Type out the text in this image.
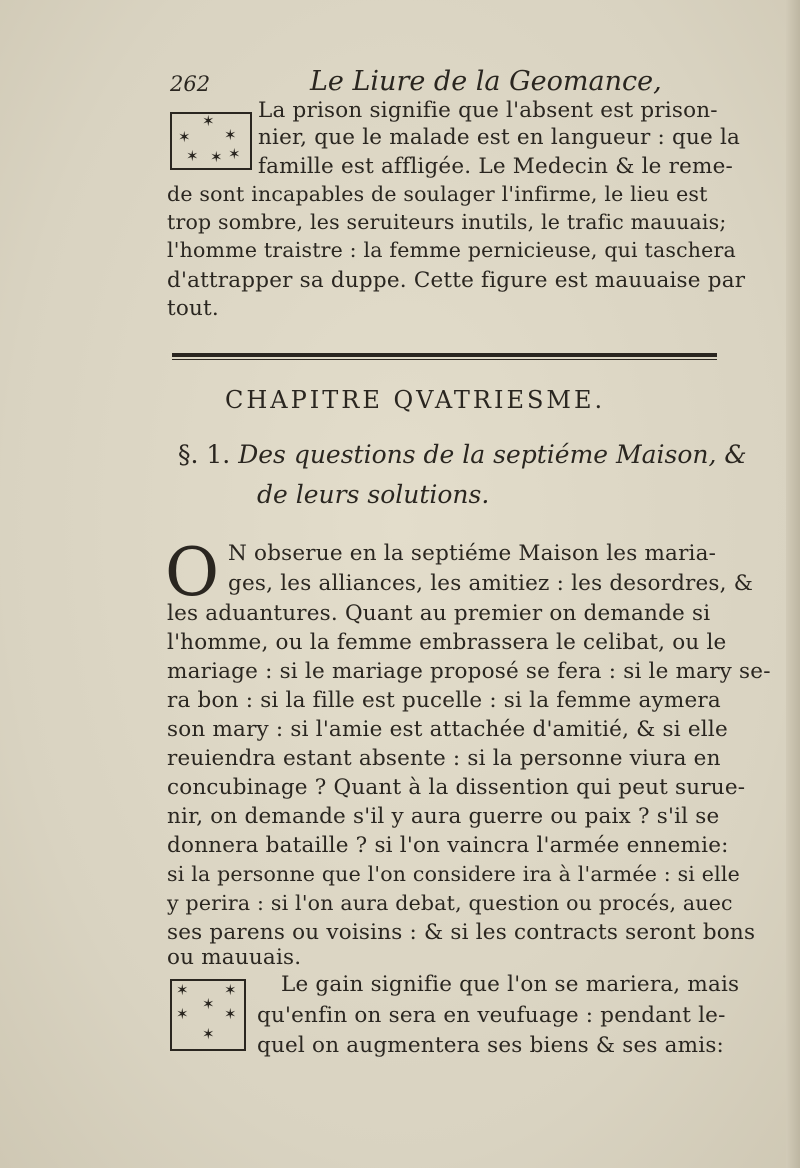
262	Le Liure de la Geomance,
✶
✶ ✶
✶ ✶ ✶
La prison signifie que l'absent est prison-
nier, que le malade est en langueur : que la
famille est affligée. Le Medecin & le reme-
de sont incapables de soulager l'infirme, le lieu est
trop sombre, les seruiteurs inutils, le trafic mauuais;
l'homme traistre : la femme pernicieuse, qui taschera
d'attrapper sa duppe. Cette figure est mauuaise par
tout.
CHAPITRE QVATRIESME.
§. 1. Des questions de la septiéme Maison, &
de leurs solutions.
O N obserue en la septiéme Maison les maria-
ges, les alliances, les amitiez : les desordres, &
les aduantures. Quant au premier on demande si
l'homme, ou la femme embrassera le celibat, ou le
mariage : si le mariage proposé se fera : si le mary se-
ra bon : si la fille est pucelle : si la femme aymera
son mary : si l'amie est attachée d'amitié, & si elle
reuiendra estant absente : si la personne viura en
concubinage ? Quant à la dissention qui peut surue-
nir, on demande s'il y aura guerre ou paix ? s'il se
donnera bataille ? si l'on vaincra l'armée ennemie:
si la personne que l'on considere ira à l'armée : si elle
y perira : si l'on aura debat, question ou procés, auec
ses parens ou voisins : & si les contracts seront bons
ou mauuais.
✶ ✶
✶
✶ ✶
✶
Le gain signifie que l'on se mariera, mais
qu'enfin on sera en veufuage : pendant le-
quel on augmentera ses biens & ses amis:
